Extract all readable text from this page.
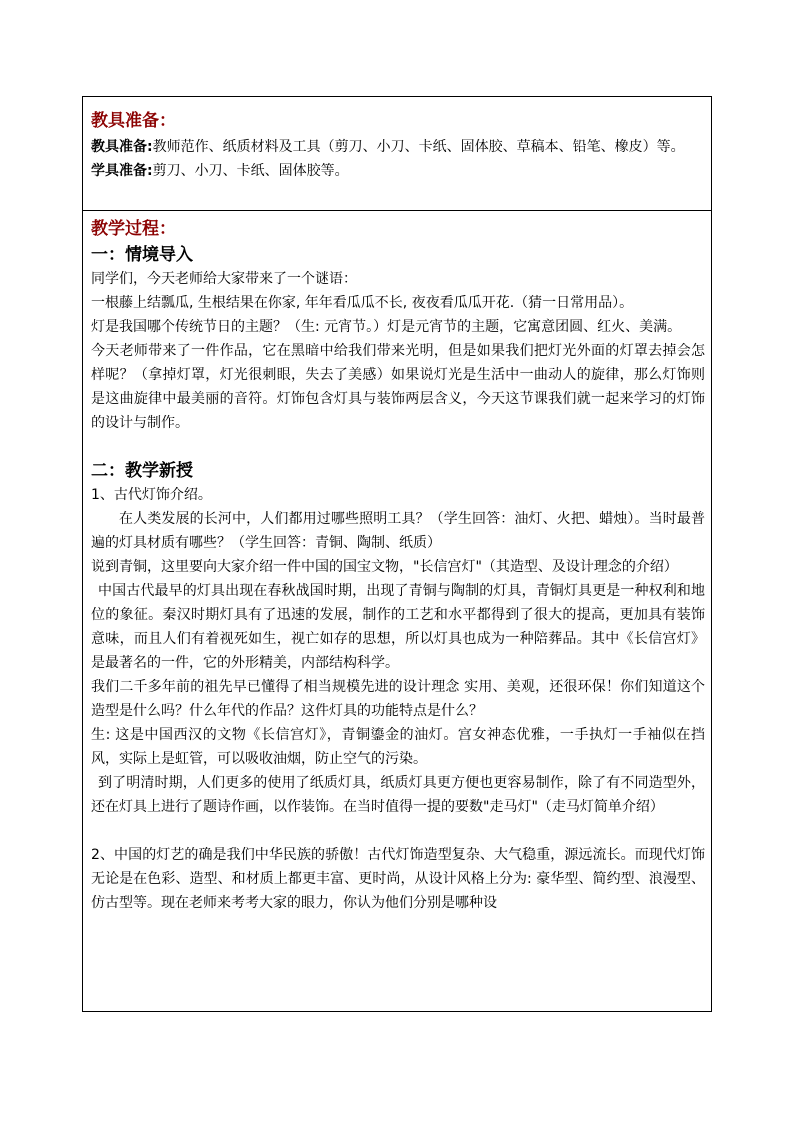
教具准备：

教具准备:教师范作、纸质材料及工具（剪刀、小刀、卡纸、固体胶、草稿本、铅笔、橡皮）等。

学具准备:剪刀、小刀、卡纸、固体胶等。

教学过程：

一：情境导入

同学们，今天老师给大家带来了一个谜语：

一根藤上结瓢瓜, 生根结果在你家, 年年看瓜瓜不长, 夜夜看瓜瓜开花.（猜一日常用品）。

灯是我国哪个传统节日的主题？（生: 元宵节。）灯是元宵节的主题，它寓意团圆、红火、美满。

今天老师带来了一件作品，它在黑暗中给我们带来光明，但是如果我们把灯光外面的灯罩去掉会怎样呢？（拿掉灯罩，灯光很刺眼，失去了美感）如果说灯光是生活中一曲动人的旋律，那么灯饰则是这曲旋律中最美丽的音符。灯饰包含灯具与装饰两层含义，今天这节课我们就一起来学习的灯饰的设计与制作。

二：教学新授

1、古代灯饰介绍。

在人类发展的长河中，人们都用过哪些照明工具？（学生回答：油灯、火把、蜡烛）。当时最普遍的灯具材质有哪些？（学生回答：青铜、陶制、纸质）

说到青铜，这里要向大家介绍一件中国的国宝文物，"长信宫灯"（其造型、及设计理念的介绍）

中国古代最早的灯具出现在春秋战国时期，出现了青铜与陶制的灯具，青铜灯具更是一种权利和地位的象征。秦汉时期灯具有了迅速的发展，制作的工艺和水平都得到了很大的提高，更加具有装饰意味，而且人们有着视死如生，视亡如存的思想，所以灯具也成为一种陪葬品。其中《长信宫灯》是最著名的一件，它的外形精美，内部结构科学。

我们二千多年前的祖先早已懂得了相当规模先进的设计理念 实用、美观，还很环保！你们知道这个造型是什么吗？什么年代的作品？这件灯具的功能特点是什么？

生: 这是中国西汉的文物《长信宫灯》，青铜鎏金的油灯。宫女神态优雅，一手执灯一手袖似在挡风，实际上是虹管，可以吸收油烟，防止空气的污染。

到了明清时期，人们更多的使用了纸质灯具，纸质灯具更方便也更容易制作，除了有不同造型外，还在灯具上进行了题诗作画，以作装饰。在当时值得一提的要数"走马灯"（走马灯简单介绍）

2、中国的灯艺的确是我们中华民族的骄傲！古代灯饰造型复杂、大气稳重，源远流长。而现代灯饰无论是在色彩、造型、和材质上都更丰富、更时尚，从设计风格上分为: 豪华型、简约型、浪漫型、仿古型等。现在老师来考考大家的眼力，你认为他们分别是哪种设
